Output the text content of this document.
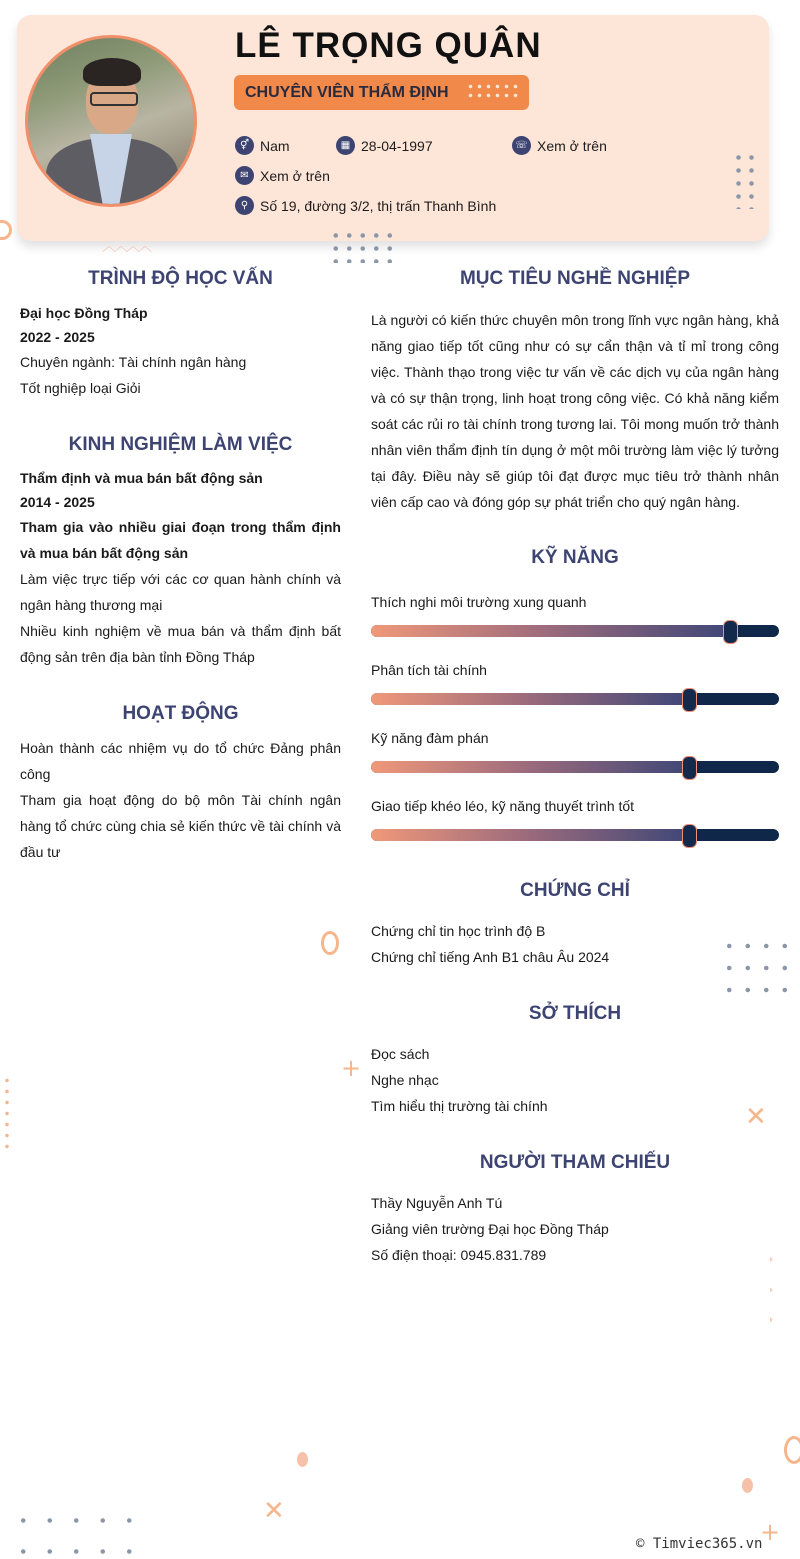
LÊ TRỌNG QUÂN
CHUYÊN VIÊN THẨM ĐỊNH
⚥ Nam	▦ 28-04-1997	☏ Xem ở trên
✉ Xem ở trên
⚲ Số 19, đường 3/2, thị trấn Thanh Bình
︿︿︿︿
TRÌNH ĐỘ HỌC VẤN
Đại học Đồng Tháp
2022 - 2025
Chuyên ngành: Tài chính ngân hàng
Tốt nghiệp loại Giỏi
KINH NGHIỆM LÀM VIỆC
Thẩm định và mua bán bất động sản
2014 - 2025
Tham gia vào nhiều giai đoạn trong thẩm định và mua bán bất động sản
Làm việc trực tiếp với các cơ quan hành chính và ngân hàng thương mại
Nhiều kinh nghiệm về mua bán và thẩm định bất động sản trên địa bàn tỉnh Đồng Tháp
HOẠT ĐỘNG
Hoàn thành các nhiệm vụ do tổ chức Đảng phân công
Tham gia hoạt động do bộ môn Tài chính ngân hàng tổ chức cùng chia sẻ kiến thức về tài chính và đầu tư
MỤC TIÊU NGHỀ NGHIỆP
Là người có kiến thức chuyên môn trong lĩnh vực ngân hàng, khả năng giao tiếp tốt cũng như có sự cẩn thận và tỉ mỉ trong công việc. Thành thạo trong việc tư vấn về các dịch vụ của ngân hàng và có sự thận trọng, linh hoạt trong công việc. Có khả năng kiểm soát các rủi ro tài chính trong tương lai. Tôi mong muốn trở thành nhân viên thẩm định tín dụng ở một môi trường làm việc lý tưởng tại đây. Điều này sẽ giúp tôi đạt được mục tiêu trở thành nhân viên cấp cao và đóng góp sự phát triển cho quý ngân hàng.
KỸ NĂNG
Thích nghi môi trường xung quanh
Phân tích tài chính
Kỹ năng đàm phán
Giao tiếp khéo léo, kỹ năng thuyết trình tốt
CHỨNG CHỈ
Chứng chỉ tin học trình độ B
Chứng chỉ tiếng Anh B1 châu Âu 2024
SỞ THÍCH
Đọc sách
Nghe nhạc
Tìm hiểu thị trường tài chính
NGƯỜI THAM CHIẾU
Thầy Nguyễn Anh Tú
Giảng viên trường Đại học Đồng Tháp
Số điện thoại: 0945.831.789
+
✕
✕
+
© Timviec365.vn
